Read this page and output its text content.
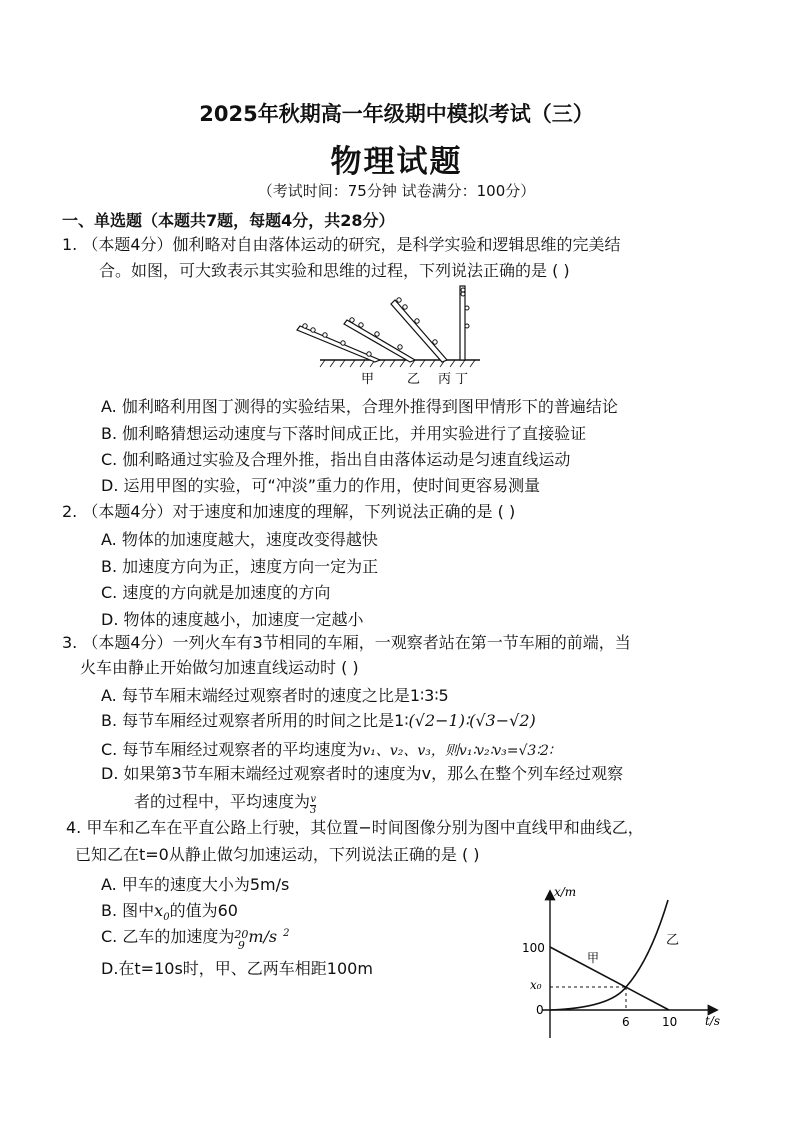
2025年秋期高一年级期中模拟考试（三）
物理试题
（考试时间：75分钟 试卷满分：100分）
一、单选题（本题共7题，每题4分，共28分）
1. （本题4分）伽利略对自由落体运动的研究，是科学实验和逻辑思维的完美结
合。如图，可大致表示其实验和思维的过程，下列说法正确的是 ( )
甲	乙 丙 丁
A. 伽利略利用图丁测得的实验结果，合理外推得到图甲情形下的普遍结论
B. 伽利略猜想运动速度与下落时间成正比，并用实验进行了直接验证
C. 伽利略通过实验及合理外推，指出自由落体运动是匀速直线运动
D. 运用甲图的实验，可“冲淡”重力的作用，使时间更容易测量
2. （本题4分）对于速度和加速度的理解，下列说法正确的是 ( )
A. 物体的加速度越大，速度改变得越快
B. 加速度方向为正，速度方向一定为正
C. 速度的方向就是加速度的方向
D. 物体的速度越小，加速度一定越小
3. （本题4分）一列火车有3节相同的车厢，一观察者站在第一节车厢的前端，当
火车由静止开始做匀加速直线运动时 ( )
A. 每节车厢末端经过观察者时的速度之比是1∶3∶5
B. 每节车厢经过观察者所用的时间之比是1∶(√2−1)∶(√3−√2)
C. 每节车厢经过观察者的平均速度为v₁、v₂、v₃，则v₁∶v₂∶v₃=√3∶2∶
D. 如果第3节车厢末端经过观察者时的速度为v，那么在整个列车经过观察
者的过程中，平均速度为 $\frac{v}{3}$
4. 甲车和乙车在平直公路上行驶，其位置−时间图像分别为图中直线甲和曲线乙，
已知乙在t=0从静止做匀加速运动，下列说法正确的是 ( )
A. 甲车的速度大小为5m/s
B. 图中$x_0$的值为60
C. 乙车的加速度为 20
9 m/s $^2$
D.在t=10s时，甲、乙两车相距100m
x/m
t/s
100
x₀
0
6	10
甲
乙
